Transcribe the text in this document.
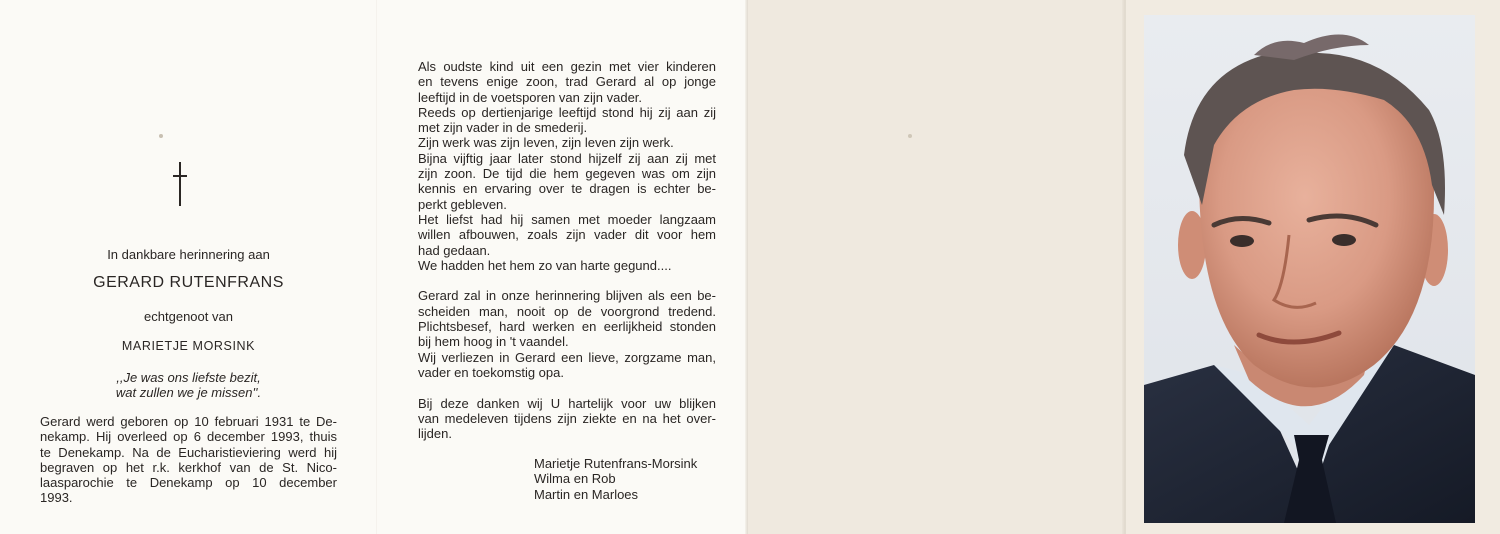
In dankbare herinnering aan
GERARD RUTENFRANS
echtgenoot van
MARIETJE MORSINK
,,Je was ons liefste bezit,
wat zullen we je missen''.
Gerard werd geboren op 10 februari 1931 te De-
nekamp. Hij overleed op 6 december 1993, thuis
te Denekamp. Na de Eucharistieviering werd hij
begraven op het r.k. kerkhof van de St. Nico-
laasparochie te Denekamp op 10 december
1993.
Als oudste kind uit een gezin met vier kinderen
en tevens enige zoon, trad Gerard al op jonge
leeftijd in de voetsporen van zijn vader.
Reeds op dertienjarige leeftijd stond hij zij aan zij
met zijn vader in de smederij.
Zijn werk was zijn leven, zijn leven zijn werk.
Bijna vijftig jaar later stond hijzelf zij aan zij met
zijn zoon. De tijd die hem gegeven was om zijn
kennis en ervaring over te dragen is echter be-
perkt gebleven.
Het liefst had hij samen met moeder langzaam
willen afbouwen, zoals zijn vader dit voor hem
had gedaan.
We hadden het hem zo van harte gegund....
Gerard zal in onze herinnering blijven als een be-
scheiden man, nooit op de voorgrond tredend.
Plichtsbesef, hard werken en eerlijkheid stonden
bij hem hoog in 't vaandel.
Wij verliezen in Gerard een lieve, zorgzame man,
vader en toekomstig opa.
Bij deze danken wij U hartelijk voor uw blijken
van medeleven tijdens zijn ziekte en na het over-
lijden.
Marietje Rutenfrans-Morsink
Wilma en Rob
Martin en Marloes
